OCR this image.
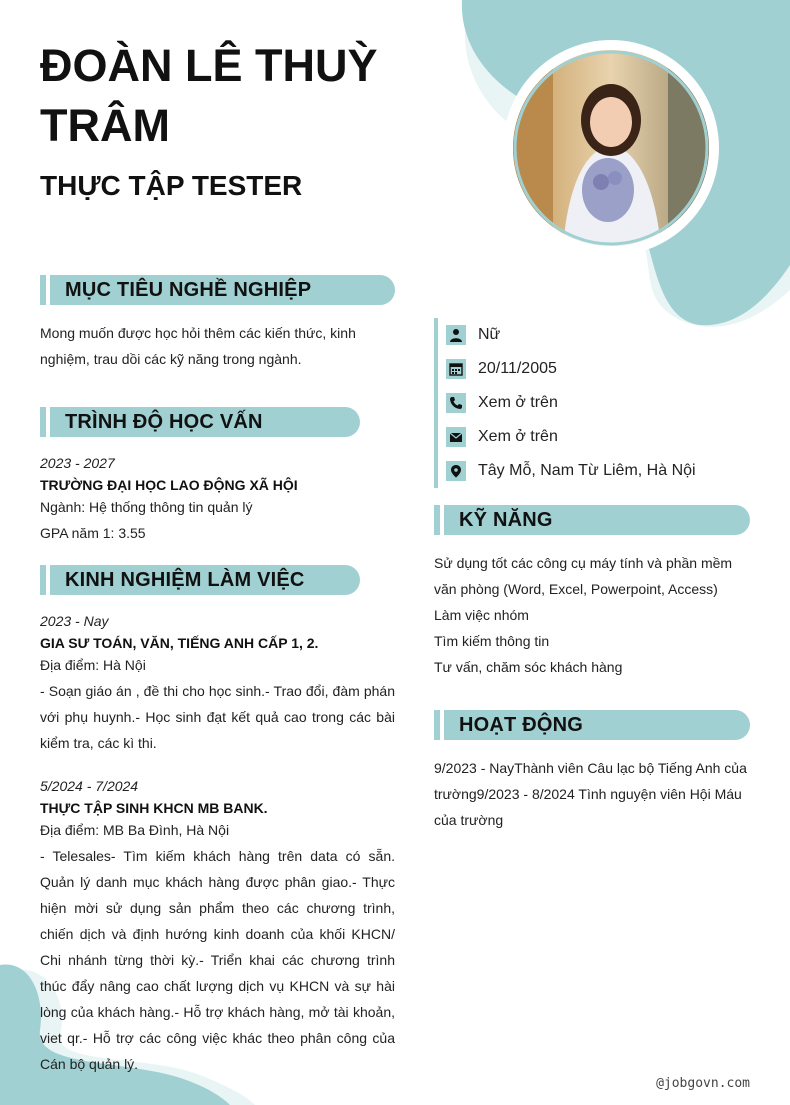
ĐOÀN LÊ THUỲ TRÂM
THỰC TẬP TESTER
MỤC TIÊU NGHỀ NGHIỆP

Mong muốn được học hỏi thêm các kiến thức, kinh nghiệm, trau dồi các kỹ năng trong ngành.

TRÌNH ĐỘ HỌC VẤN
2023 - 2027
TRƯỜNG ĐẠI HỌC LAO ĐỘNG XÃ HỘI
Ngành: Hệ thống thông tin quản lý
GPA năm 1: 3.55
KINH NGHIỆM LÀM VIỆC
2023 - Nay
GIA SƯ TOÁN, VĂN, TIẾNG ANH CẤP 1, 2.
Địa điểm: Hà Nội
- Soạn giáo án , đề thi cho học sinh.- Trao đổi, đàm phán với phụ huynh.- Học sinh đạt kết quả cao trong các bài kiểm tra, các kì thi.
5/2024 - 7/2024
THỰC TẬP SINH KHCN MB BANK.
Địa điểm: MB Ba Đình, Hà Nội
- Telesales- Tìm kiếm khách hàng trên data có sẵn. Quản lý danh mục khách hàng được phân giao.- Thực hiện mời sử dụng sản phẩm theo các chương trình, chiến dịch và định hướng kinh doanh của khối KHCN/ Chi nhánh từng thời kỳ.- Triển khai các chương trình thúc đẩy nâng cao chất lượng dịch vụ KHCN và sự hài lòng của khách hàng.- Hỗ trợ khách hàng, mở tài khoản, viet qr.- Hỗ trợ các công việc khác theo phân công của Cán bộ quản lý.
Nữ
20/11/2005
Xem ở trên
Xem ở trên
Tây Mỗ, Nam Từ Liêm, Hà Nội
KỸ NĂNG
Sử dụng tốt các công cụ máy tính và phần mềm văn phòng (Word, Excel, Powerpoint, Access)
Làm việc nhóm
Tìm kiếm thông tin
Tư vấn, chăm sóc khách hàng
HOẠT ĐỘNG

9/2023 - NayThành viên Câu lạc bộ Tiếng Anh của trường9/2023 - 8/2024 Tình nguyện viên Hội Máu của trường

@jobgovn.com
